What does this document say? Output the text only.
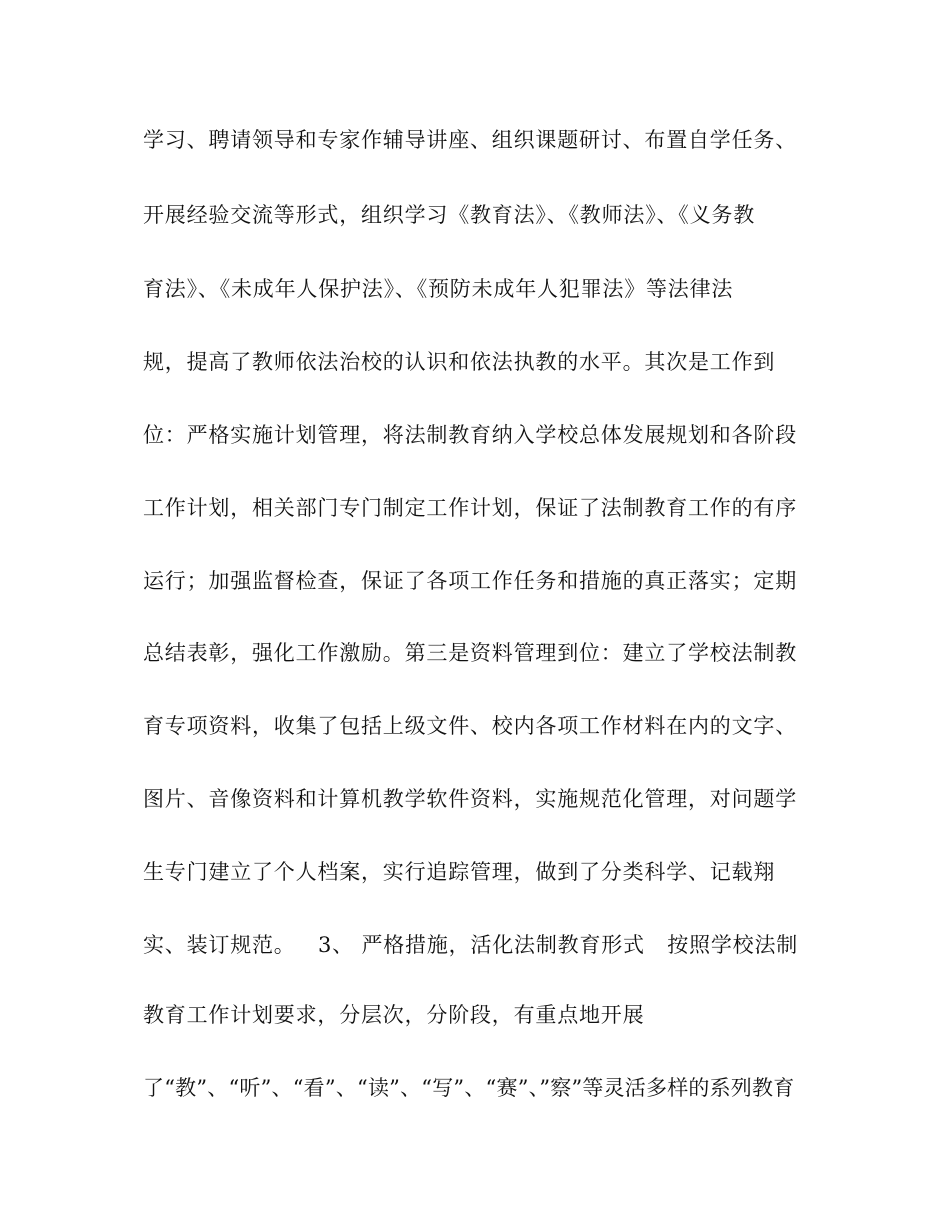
学习、聘请领导和专家作辅导讲座、组织课题研讨、布置自学任务、
开展经验交流等形式，组织学习《教育法》、《教师法》、《义务教
育法》、《未成年人保护法》、《预防未成年人犯罪法》等法律法
规，提高了教师依法治校的认识和依法执教的水平。其次是工作到
位：严格实施计划管理，将法制教育纳入学校总体发展规划和各阶段
工作计划，相关部门专门制定工作计划，保证了法制教育工作的有序
运行；加强监督检查，保证了各项工作任务和措施的真正落实；定期
总结表彰，强化工作激励。第三是资料管理到位：建立了学校法制教
育专项资料，收集了包括上级文件、校内各项工作材料在内的文字、
图片、音像资料和计算机教学软件资料，实施规范化管理，对问题学
生专门建立了个人档案，实行追踪管理，做到了分类科学、记载翔
实、装订规范。   3、 严格措施，活化法制教育形式   按照学校法制
教育工作计划要求，分层次，分阶段，有重点地开展
了“教”、“听”、“看”、“读”、“写”、“赛”、”察”等灵活多样的系列教育
